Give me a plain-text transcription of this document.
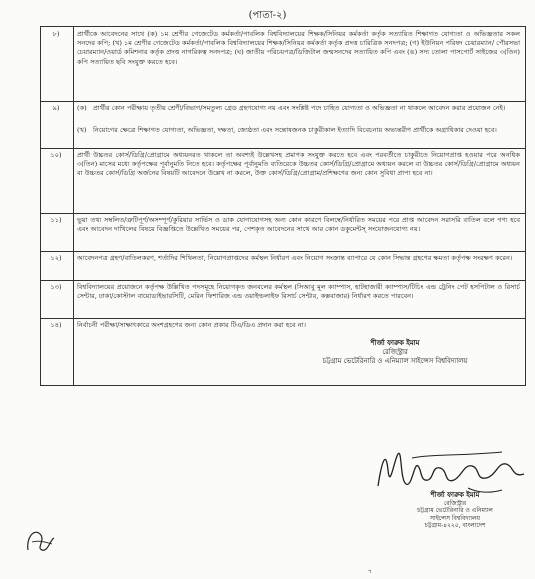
(পাতা-২)
৮)	প্রার্থীকে আবেদনের সাথে (ক) ১ম শ্রেণীর গেজেটেড কর্মকর্তা/পাবলিক বিশ্ববিদ্যালয়ের শিক্ষক/সিনিয়র কর্মকর্তা কর্তৃক সত্যায়িত শিক্ষাগত যোগ্যতা ও অভিজ্ঞতার সকল সনদের কপি; (খ) ১ম শ্রেণীর গেজেটেড কর্মকর্তা/পাবলিক বিশ্ববিদ্যালয়ের শিক্ষক/সিনিয়র কর্মকর্তা কর্তৃক প্রদত্ত চারিত্রিক সনদপত্র; (গ) ইউনিয়ন পরিষদ চেয়ারম্যান/ পৌরসভা চেয়ারম্যান/ওয়ার্ড কমিশনার কর্তৃক প্রদত্ত নাগরিকত্ব সনদপত্র; (ঘ) জাতীয় পরিচয়পত্র/ডিজিটাল জন্মসনদের সত্যায়িত কপি এবং (ঙ) সদ্য তোলা পাসপোর্ট সাইজের ৩(তিন) কপি সত্যায়িত ছবি সংযুক্ত করতে হবে।
৯)	(ক) প্রার্থীর কোন পরীক্ষায় তৃতীয় শ্রেণী/বিভাগ/সমতুল্য গ্রেড গ্রহণযোগ্য নয় এবং সংশ্লিষ্ট পদে চাহিত যোগ্যতা ও অভিজ্ঞতা না থাকলে আবেদন করার প্রয়োজন নেই।
(খ) নিয়োগের ক্ষেত্রে শিক্ষাগত যোগ্যতা, অভিজ্ঞতা, দক্ষতা, জ্যেষ্ঠতা এবং সন্তোষজনক চাকুরীকাল ইত্যাদি বিবেচনায় অভ্যন্তরীণ প্রার্থীকে অগ্রাধিকার দেওয়া হবে।
১০)	প্রার্থী উচ্চতর কোর্স/ডিগ্রি/প্রোগ্রামে অধ্যয়নরত থাকলে তা অবশ্যই উল্লেখসহ প্রমাণক সংযুক্ত করতে হবে এবং পরবর্তীতে চাকুরীতে নিয়োগপ্রাপ্ত হওয়ার পরে অনধিক ৩(তিন) মাসের মধ্যে কর্তৃপক্ষের পূর্বানুমতি নিতে হবে। কর্তৃপক্ষের পূর্বানুমতি ব্যতিরেকে উচ্চতর কোর্স/ডিগ্রি/প্রোগ্রামে অধ্যয়ন করলে বা উচ্চতর কোর্স/ডিগ্রি/প্রোগ্রামে অধ্যয়ন বা উচ্চতর কোর্স/ডিগ্রি অর্জনের বিষয়টি আবেদনে উল্লেখ না করলে, উক্ত কোর্স/ডিগ্রি/প্রোগ্রাম/প্রশিক্ষণের জন্য কোন সুবিধা প্রাপ্য হবে না।
১১)	ভুয়া তথ্য সম্বলিত/ত্রুটিপূর্ণ/অসম্পূর্ণ/কুরিয়ার সার্ভিস ও ডাক যোগাযোগসহ অন্য কোন কারণে বিলম্বে/নির্ধারিত সময়ের পরে প্রাপ্ত আবেদন সরাসরি বাতিল বলে গণ্য হবে এবং আবেদন দাখিলের বিষয়ে বিজ্ঞপ্তিতে উল্লেখিত সময়ের পর, পেশকৃত আবেদনের সাথে আর কোন ডকুমেন্টস্ সংযোজনযোগ্য নয়।
১২)	আবেদনপত্র গ্রহণ/বাতিলকরণ, শর্তাদির শিথিলতা, নিয়োগপ্রাপ্তদের কর্মস্থল নির্ধারণ এবং নিয়োগ সংক্রান্ত ব্যাপারে যে কোন সিদ্ধান্ত গ্রহণের ক্ষমতা কর্তৃপক্ষ সংরক্ষণ করেন।
১৩)	বিশ্ববিদ্যালয়ের প্রয়োজনে কর্তৃপক্ষ উল্লিখিত পদসমূহে নিয়োগকৃত জনবলের কর্মস্থল (সিআবু মূল ক্যাম্পাস, হাটহাজারী ক্যাম্পাস/টিচিং এন্ড ট্রেনিং পেট হসপিটাল ও রিসার্চ সেন্টার, ঢাকা/কোস্টাল বায়োডাইভারসিটি, মেরিন ফিশারিজ এন্ড ওয়াইল্ডলাইফ রিসার্চ সেন্টার, কক্সবাজার) নির্ধারণ করতে পারবেন।
১৪)	নির্বাচনী পরীক্ষা/সাক্ষাৎকারে অংশগ্রহণের জন্য কোন প্রকার টিএ/ডিএ প্রদান করা হবে না।
শীর্জা ফারুক ইমাম
রেজিস্ট্রার
চট্টগ্রাম ভেটেরিনারি ও এনিম্যাল সাইন্সেস বিশ্ববিদ্যালয়
শীর্জা ফারুক ইমাম
রেজিস্ট্রার
চট্টগ্রাম ভেটেরিনারি ও এনিম্যাল
সাইন্সেস বিশ্ববিদ্যালয়
চট্টগ্রাম-৪২২৫, বাংলাদেশ
৭
